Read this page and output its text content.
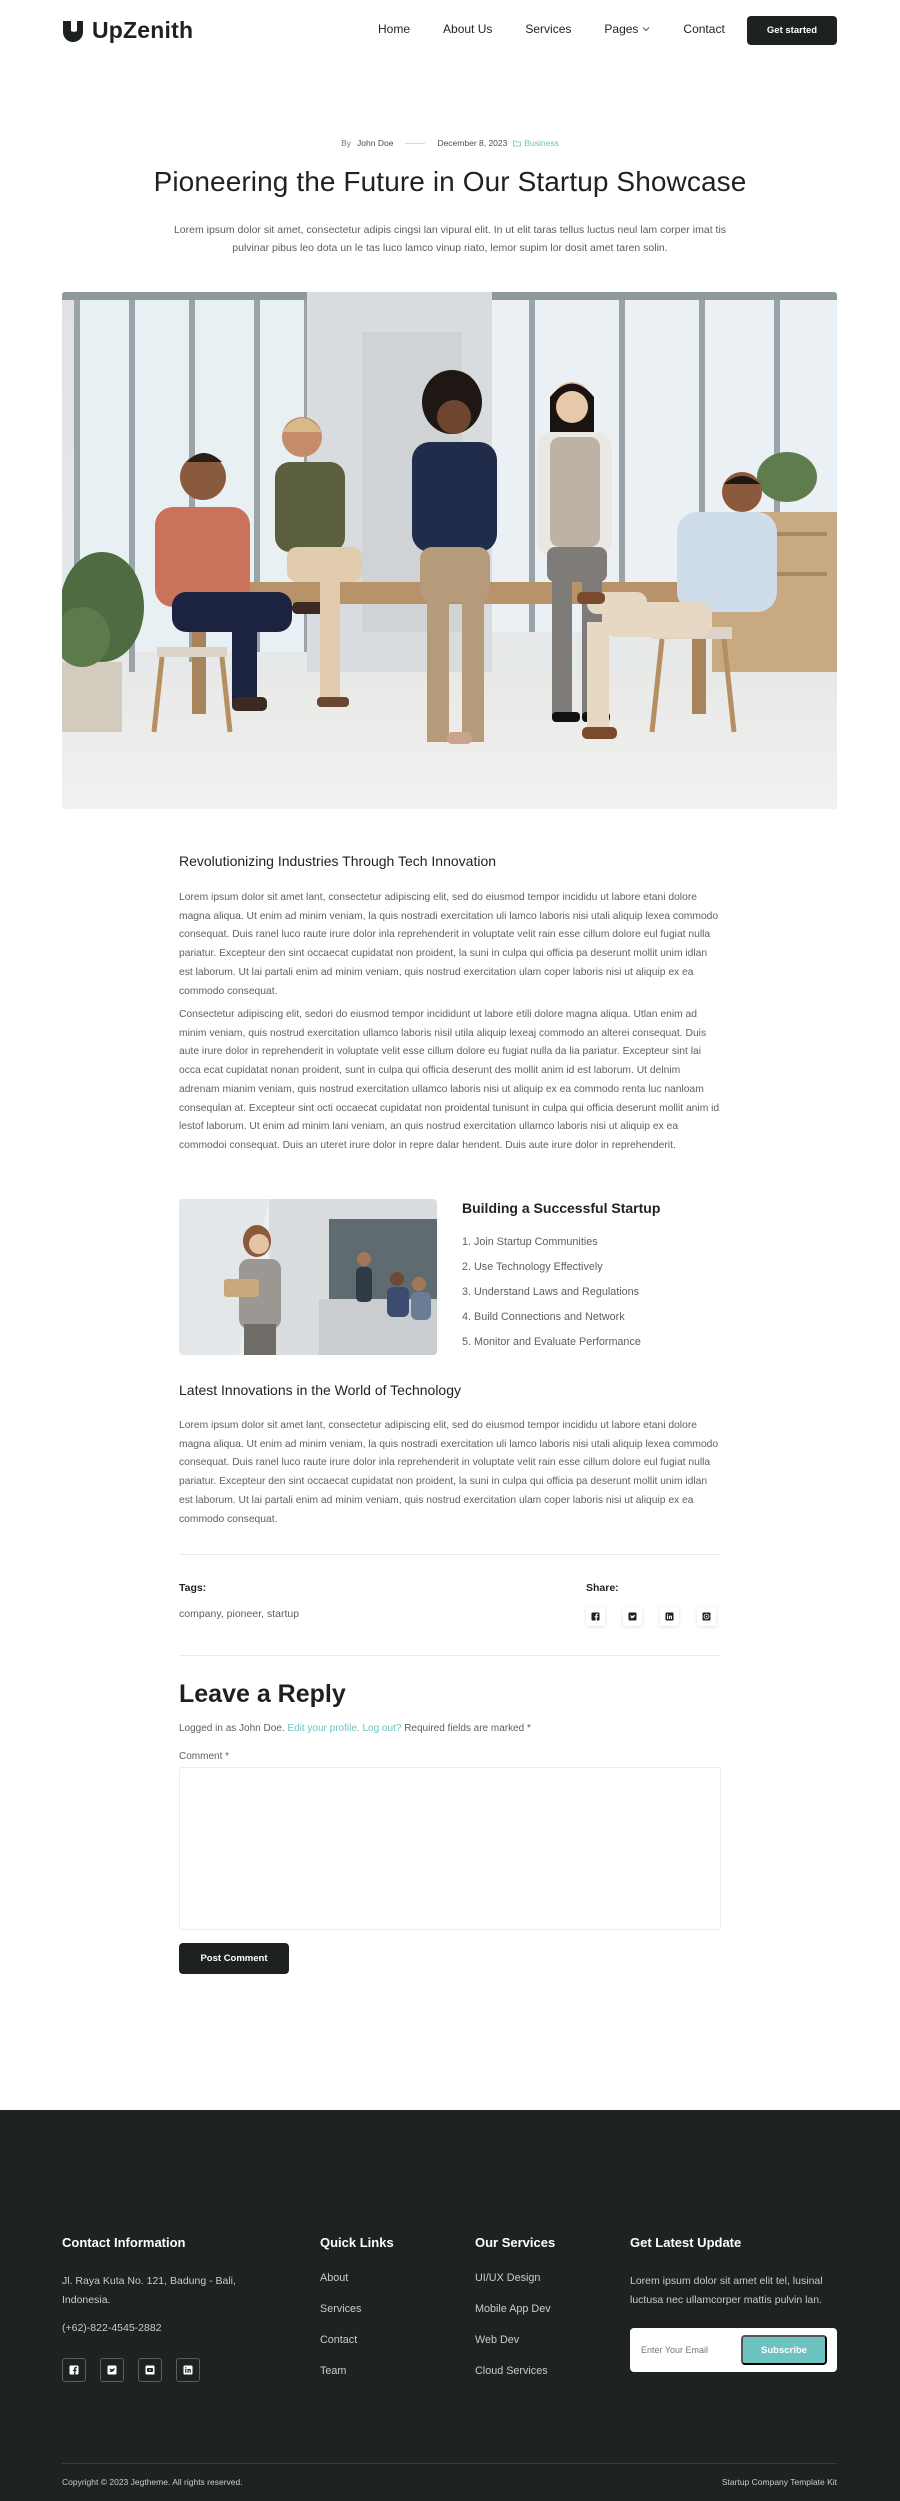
UpZenith	Home	About Us	Services	Pages	Contact	Get started
By John Doe	December 8, 2023 Business
Pioneering the Future in Our Startup Showcase

Lorem ipsum dolor sit amet, consectetur adipis cingsi lan vipural elit. In ut elit taras tellus luctus neul lam corper imat tis pulvinar pibus leo dota un le tas luco lamco vinup riato, lemor supim lor dosit amet taren solin.

Revolutionizing Industries Through Tech Innovation

Lorem ipsum dolor sit amet lant, consectetur adipiscing elit, sed do eiusmod tempor incididu ut labore etani dolore magna aliqua. Ut enim ad minim veniam, la quis nostradi exercitation uli lamco laboris nisi utali aliquip lexea commodo consequat. Duis ranel luco raute irure dolor inla reprehenderit in voluptate velit rain esse cillum dolore eul fugiat nulla pariatur. Excepteur den sint occaecat cupidatat non proident, la suni in culpa qui officia pa deserunt mollit unim idlan est laborum. Ut lai partali enim ad minim veniam, quis nostrud exercitation ulam coper laboris nisi ut aliquip ex ea commodo consequat.

Consectetur adipiscing elit, sedori do eiusmod tempor incididunt ut labore etili dolore magna aliqua. Utlan enim ad minim veniam, quis nostrud exercitation ullamco laboris nisil utila aliquip lexeaj commodo an alterei consequat. Duis aute irure dolor in reprehenderit in voluptate velit esse cillum dolore eu fugiat nulla da lia pariatur. Excepteur sint lai occa ecat cupidatat nonan proident, sunt in culpa qui officia deserunt des mollit anim id est laborum. Ut delnim adrenam mianim veniam, quis nostrud exercitation ullamco laboris nisi ut aliquip ex ea commodo renta luc nanloam consequlan at. Excepteur sint octi occaecat cupidatat non proidental tunisunt in culpa qui officia deserunt mollit anim id lestof laborum. Ut enim ad minim lani veniam, an quis nostrud exercitation ullamco laboris nisi ut aliquip ex ea commodoi consequat. Duis an uteret irure dolor in repre dalar hendent. Duis aute irure dolor in reprehenderit.

Building a Successful Startup
1. Join Startup Communities
2. Use Technology Effectively
3. Understand Laws and Regulations
4. Build Connections and Network
5. Monitor and Evaluate Performance
Latest Innovations in the World of Technology

Lorem ipsum dolor sit amet lant, consectetur adipiscing elit, sed do eiusmod tempor incididu ut labore etani dolore magna aliqua. Ut enim ad minim veniam, la quis nostradi exercitation uli lamco laboris nisi utali aliquip lexea commodo consequat. Duis ranel luco raute irure dolor inla reprehenderit in voluptate velit rain esse cillum dolore eul fugiat nulla pariatur. Excepteur den sint occaecat cupidatat non proident, la suni in culpa qui officia pa deserunt mollit unim idlan est laborum. Ut lai partali enim ad minim veniam, quis nostrud exercitation ulam coper laboris nisi ut aliquip ex ea commodo consequat.

Tags:
company, pioneer, startup
Share:
Leave a Reply

Logged in as John Doe. Edit your profile. Log out? Required fields are marked *

Comment *
Post Comment
Contact Information

Jl. Raya Kuta No. 121, Badung - Bali, Indonesia.

(+62)-822-4545-2882

Quick Links
About
Services
Contact
Team
Our Services
UI/UX Design
Mobile App Dev
Web Dev
Cloud Services
Get Latest Update

Lorem ipsum dolor sit amet elit tel, lusinal luctusa nec ullamcorper mattis pulvin lan.

Enter Your Email
Subscribe

Copyright © 2023 Jegtheme. All rights reserved.	Startup Company Template Kit
